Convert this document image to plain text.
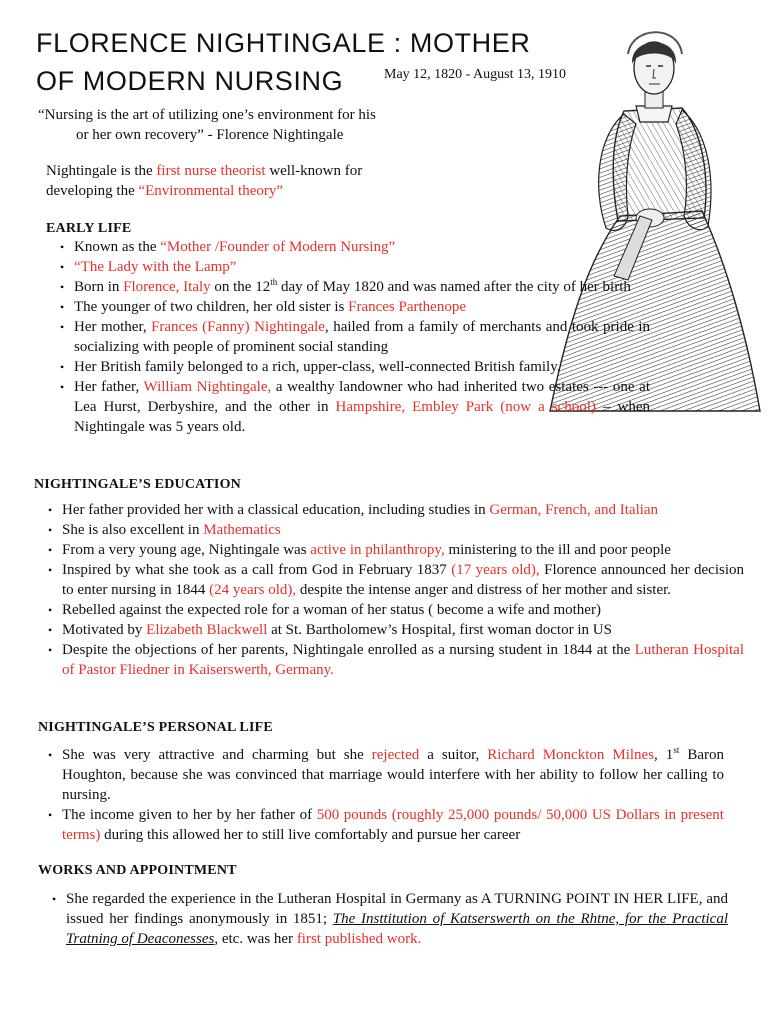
FLORENCE NIGHTINGALE : MOTHER
OF MODERN NURSING	May 12, 1820 - August 13, 1910
“Nursing is the art of utilizing one’s environment for his
or her own recovery” - Florence Nightingale
Nightingale is the first nurse theorist well-known for
developing the “Environmental theory”
EARLY LIFE
• Known as the “Mother /Founder of Modern Nursing”
• “The Lady with the Lamp”
• Born in Florence, Italy on the 12th day of May 1820 and was named after the city of her birth
• The younger of two children, her old sister is Frances Parthenope
• Her mother, Frances (Fanny) Nightingale, hailed from a family of merchants and took pride in socializing with people of prominent social standing
• Her British family belonged to a rich, upper-class, well-connected British family.
• Her father, William Nightingale, a wealthy landowner who had inherited two estates --- one at Lea Hurst, Derbyshire, and the other in Hampshire, Embley Park (now a school) – when Nightingale was 5 years old.
NIGHTINGALE’S EDUCATION
• Her father provided her with a classical education, including studies in German, French, and Italian
• She is also excellent in Mathematics
• From a very young age, Nightingale was active in philanthropy, ministering to the ill and poor people
• Inspired by what she took as a call from God in February 1837 (17 years old), Florence announced her decision to enter nursing in 1844 (24 years old), despite the intense anger and distress of her mother and sister.
• Rebelled against the expected role for a woman of her status ( become a wife and mother)
• Motivated by Elizabeth Blackwell at St. Bartholomew’s Hospital, first woman doctor in US
• Despite the objections of her parents, Nightingale enrolled as a nursing student in 1844 at the Lutheran Hospital of Pastor Fliedner in Kaiserswerth, Germany.
NIGHTINGALE’S PERSONAL LIFE
• She was very attractive and charming but she rejected a suitor, Richard Monckton Milnes, 1st Baron Houghton, because she was convinced that marriage would interfere with her ability to follow her calling to nursing.
• The income given to her by her father of 500 pounds (roughly 25,000 pounds/ 50,000 US Dollars in present terms) during this allowed her to still live comfortably and pursue her career
WORKS AND APPOINTMENT
• She regarded the experience in the Lutheran Hospital in Germany as A TURNING POINT IN HER LIFE, and issued her findings anonymously in 1851; The Insttitution of Katserswerth on the Rhtne, for the Practical Tratning of Deaconesses, etc. was her first published work.
